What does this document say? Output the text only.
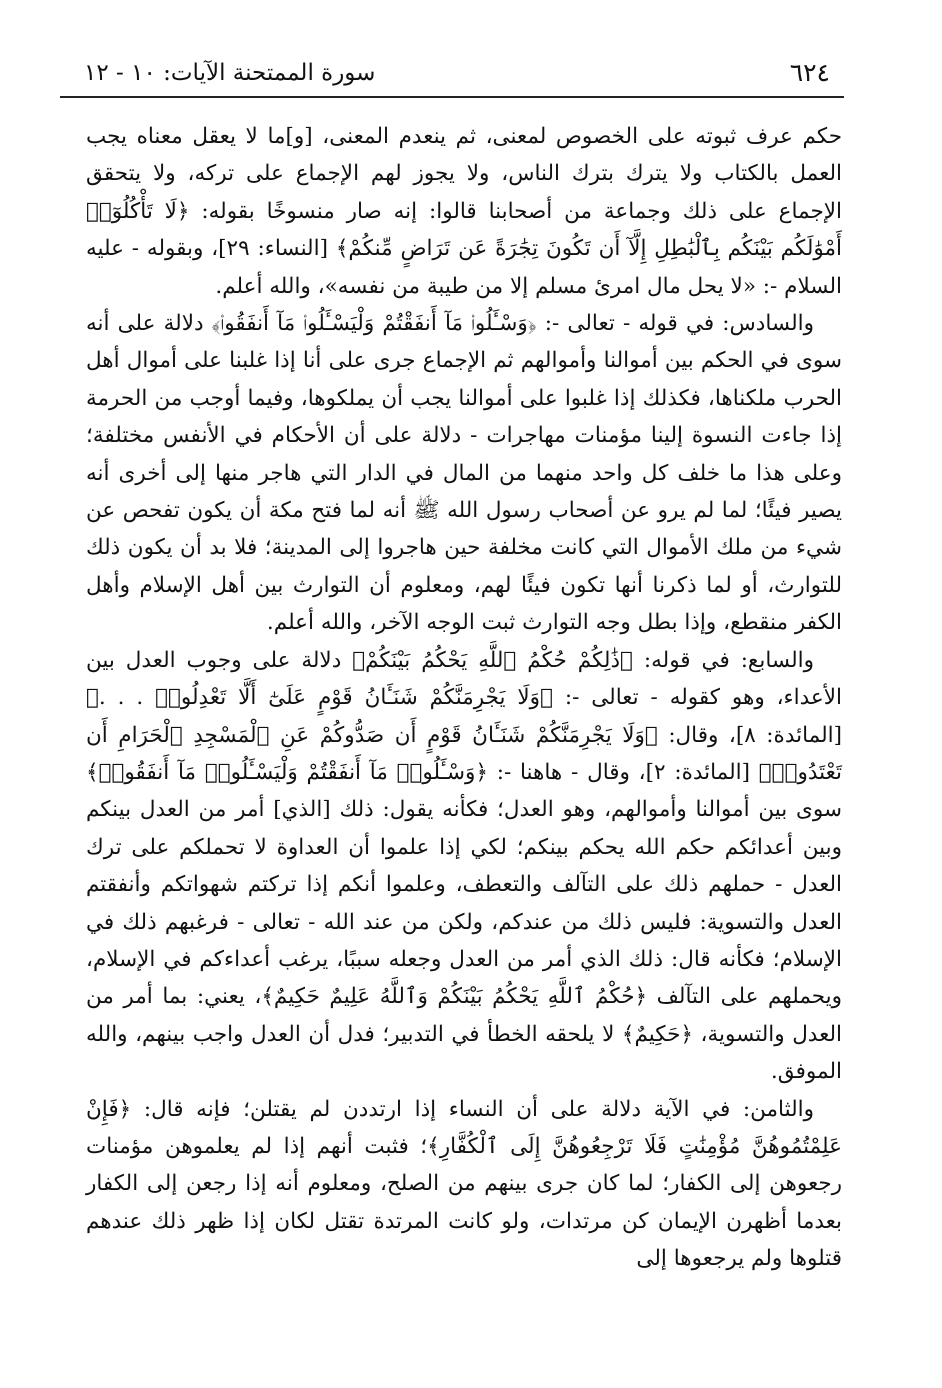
٦٢٤
سورة الممتحنة الآيات: ١٠ - ١٢

حكم عرف ثبوته على الخصوص لمعنى، ثم ينعدم المعنى، [و]ما لا يعقل معناه يجب العمل بالكتاب ولا يترك بترك الناس، ولا يجوز لهم الإجماع على تركه، ولا يتحقق الإجماع على ذلك وجماعة من أصحابنا قالوا: إنه صار منسوخًا بقوله: ﴿لَا تَأْكُلُوٓا۟ أَمْوَٰلَكُم بَيْنَكُم بِٱلْبَٰطِلِ إِلَّآ أَن تَكُونَ تِجَٰرَةً عَن تَرَاضٍ مِّنكُمْ﴾ [النساء: ٢٩]، وبقوله - عليه السلام -: «لا يحل مال امرئ مسلم إلا من طيبة من نفسه»، والله أعلم.

والسادس: في قوله - تعالى -: ﴿وَسْـَٔلُوا۟ مَآ أَنفَقْتُمْ وَلْيَسْـَٔلُوا۟ مَآ أَنفَقُوا۟﴾ دلالة على أنه سوى في الحكم بين أموالنا وأموالهم ثم الإجماع جرى على أنا إذا غلبنا على أموال أهل الحرب ملكناها، فكذلك إذا غلبوا على أموالنا يجب أن يملكوها، وفيما أوجب من الحرمة إذا جاءت النسوة إلينا مؤمنات مهاجرات - دلالة على أن الأحكام في الأنفس مختلفة؛ وعلى هذا ما خلف كل واحد منهما من المال في الدار التي هاجر منها إلى أخرى أنه يصير فيئًا؛ لما لم يرو عن أصحاب رسول الله ﷺ أنه لما فتح مكة أن يكون تفحص عن شيء من ملك الأموال التي كانت مخلفة حين هاجروا إلى المدينة؛ فلا بد أن يكون ذلك للتوارث، أو لما ذكرنا أنها تكون فيئًا لهم، ومعلوم أن التوارث بين أهل الإسلام وأهل الكفر منقطع، وإذا بطل وجه التوارث ثبت الوجه الآخر، والله أعلم.

والسابع: في قوله: ﴿ذَٰلِكُمْ حُكْمُ ٱللَّهِ يَحْكُمُ بَيْنَكُمْ﴾ دلالة على وجوب العدل بين الأعداء، وهو كقوله - تعالى -: ﴿وَلَا يَجْرِمَنَّكُمْ شَنَـَٔانُ قَوْمٍ عَلَىٰٓ أَلَّا تَعْدِلُوا۟ . . .﴾ [المائدة: ٨]، وقال: ﴿وَلَا يَجْرِمَنَّكُمْ شَنَـَٔانُ قَوْمٍ أَن صَدُّوكُمْ عَنِ ٱلْمَسْجِدِ ٱلْحَرَامِ أَن تَعْتَدُوا۟﴾ [المائدة: ٢]، وقال - هاهنا -: ﴿وَسْـَٔلُوا۟ مَآ أَنفَقْتُمْ وَلْيَسْـَٔلُوا۟ مَآ أَنفَقُوا۟﴾ سوى بين أموالنا وأموالهم، وهو العدل؛ فكأنه يقول: ذلك [الذي] أمر من العدل بينكم وبين أعدائكم حكم الله يحكم بينكم؛ لكي إذا علموا أن العداوة لا تحملكم على ترك العدل - حملهم ذلك على التآلف والتعطف، وعلموا أنكم إذا تركتم شهواتكم وأنفقتم العدل والتسوية: فليس ذلك من عندكم، ولكن من عند الله - تعالى - فرغبهم ذلك في الإسلام؛ فكأنه قال: ذلك الذي أمر من العدل وجعله سببًا، يرغب أعداءكم في الإسلام، ويحملهم على التآلف ﴿حُكْمُ ٱللَّهِ يَحْكُمُ بَيْنَكُمْ وَٱللَّهُ عَلِيمٌ حَكِيمٌ﴾، يعني: بما أمر من العدل والتسوية، ﴿حَكِيمٌ﴾ لا يلحقه الخطأ في التدبير؛ فدل أن العدل واجب بينهم، والله الموفق.

والثامن: في الآية دلالة على أن النساء إذا ارتددن لم يقتلن؛ فإنه قال: ﴿فَإِنْ عَلِمْتُمُوهُنَّ مُؤْمِنَٰتٍ فَلَا تَرْجِعُوهُنَّ إِلَى ٱلْكُفَّارِ﴾؛ فثبت أنهم إذا لم يعلموهن مؤمنات رجعوهن إلى الكفار؛ لما كان جرى بينهم من الصلح، ومعلوم أنه إذا رجعن إلى الكفار بعدما أظهرن الإيمان كن مرتدات، ولو كانت المرتدة تقتل لكان إذا ظهر ذلك عندهم قتلوها ولم يرجعوها إلى
